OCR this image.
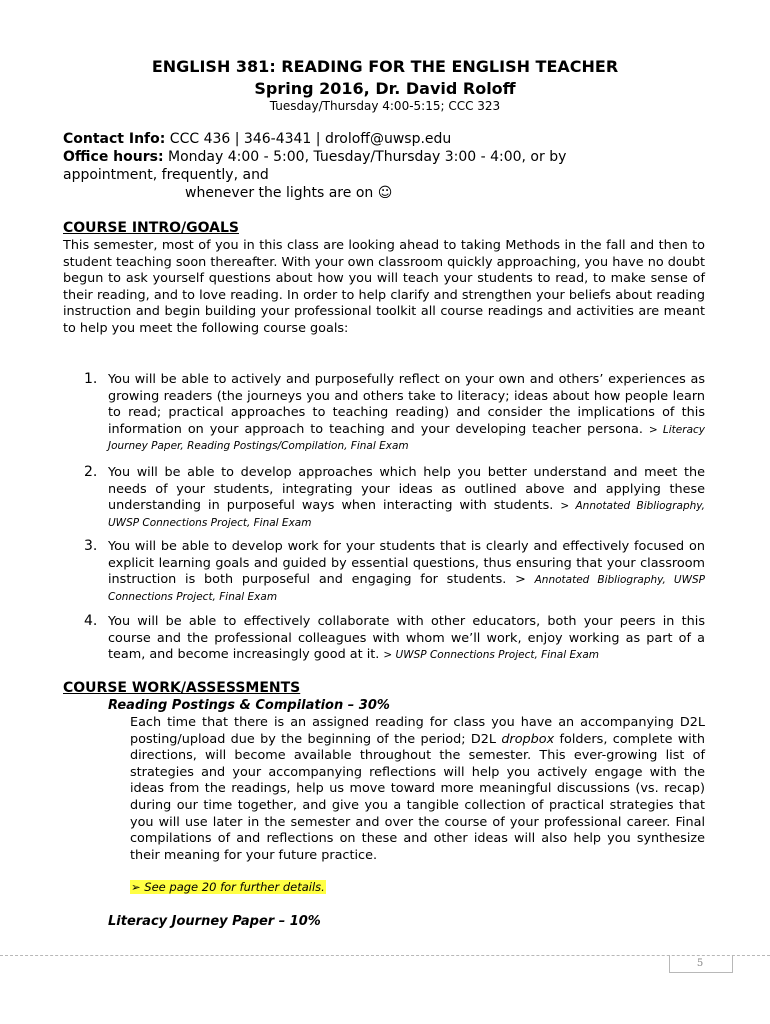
ENGLISH 381: READING FOR THE ENGLISH TEACHER
Spring 2016, Dr. David Roloff
Tuesday/Thursday 4:00-5:15; CCC 323
Contact Info: CCC 436 | 346-4341 | droloff@uwsp.edu
Office hours: Monday 4:00 - 5:00, Tuesday/Thursday 3:00 - 4:00, or by
appointment, frequently, and
whenever the lights are on ☺
COURSE INTRO/GOALS
This semester, most of you in this class are looking ahead to taking Methods in the fall and then to student teaching soon thereafter. With your own classroom quickly approaching, you have no doubt begun to ask yourself questions about how you will teach your students to read, to make sense of their reading, and to love reading. In order to help clarify and strengthen your beliefs about reading instruction and begin building your professional toolkit all course readings and activities are meant to help you meet the following course goals:
1. You will be able to actively and purposefully reflect on your own and others’ experiences as growing readers (the journeys you and others take to literacy; ideas about how people learn to read; practical approaches to teaching reading) and consider the implications of this information on your approach to teaching and your developing teacher persona. > Literacy Journey Paper, Reading Postings/Compilation, Final Exam
2. You will be able to develop approaches which help you better understand and meet the needs of your students, integrating your ideas as outlined above and applying these understanding in purposeful ways when interacting with students. > Annotated Bibliography, UWSP Connections Project, Final Exam
3. You will be able to develop work for your students that is clearly and effectively focused on explicit learning goals and guided by essential questions, thus ensuring that your classroom instruction is both purposeful and engaging for students. > Annotated Bibliography, UWSP Connections Project, Final Exam
4. You will be able to effectively collaborate with other educators, both your peers in this course and the professional colleagues with whom we’ll work, enjoy working as part of a team, and become increasingly good at it. > UWSP Connections Project, Final Exam
COURSE WORK/ASSESSMENTS

Reading Postings & Compilation – 30%
Each time that there is an assigned reading for class you have an accompanying D2L posting/upload due by the beginning of the period; D2L dropbox folders, complete with directions, will become available throughout the semester. This ever-growing list of strategies and your accompanying reflections will help you actively engage with the ideas from the readings, help us move toward more meaningful discussions (vs. recap) during our time together, and give you a tangible collection of practical strategies that you will use later in the semester and over the course of your professional career. Final compilations of and reflections on these and other ideas will also help you synthesize their meaning for your future practice.
➢ See page 20 for further details.

Literacy Journey Paper – 10%
5
